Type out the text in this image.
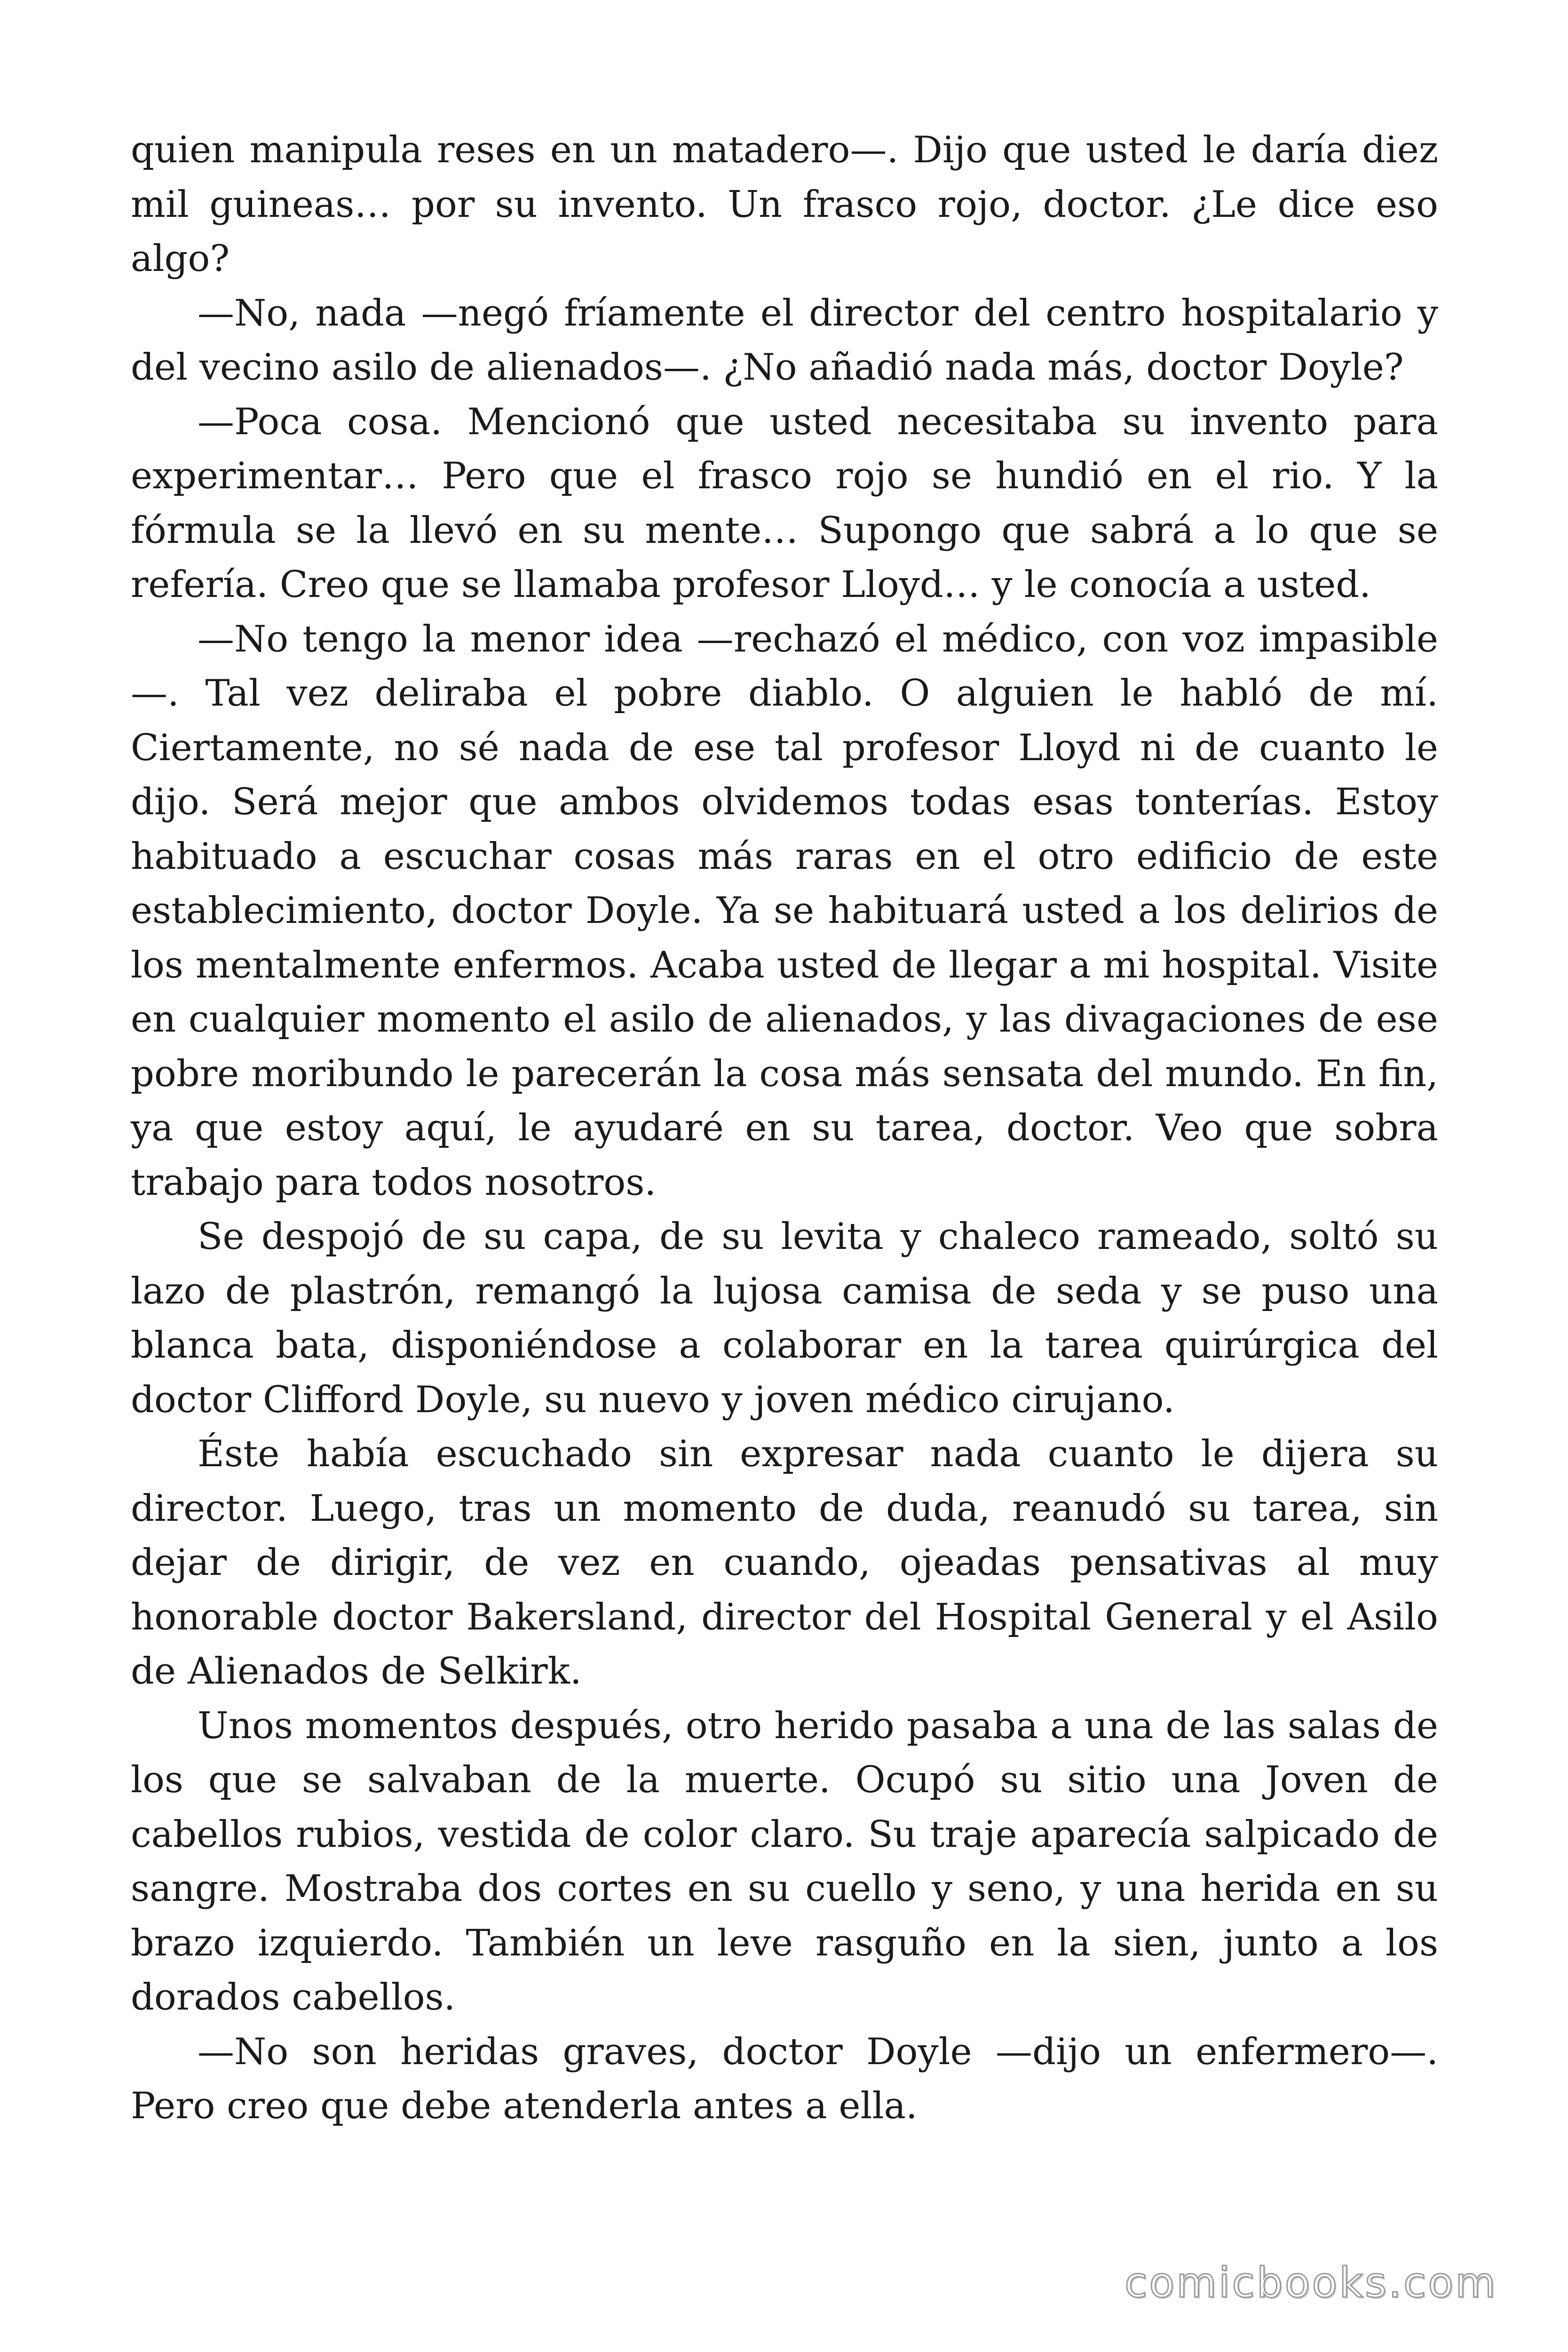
quien manipula reses en un matadero—. Dijo que usted le daría diez mil guineas… por su invento. Un frasco rojo, doctor. ¿Le dice eso algo?

—No, nada —negó fríamente el director del centro hospitalario y del vecino asilo de alienados—. ¿No añadió nada más, doctor Doyle?

—Poca cosa. Mencionó que usted necesitaba su invento para experimentar… Pero que el frasco rojo se hundió en el rio. Y la fórmula se la llevó en su mente… Supongo que sabrá a lo que se refería. Creo que se llamaba profesor Lloyd… y le conocía a usted.

—No tengo la menor idea —rechazó el médico, con voz impasible—. Tal vez deliraba el pobre diablo. O alguien le habló de mí. Ciertamente, no sé nada de ese tal profesor Lloyd ni de cuanto le dijo. Será mejor que ambos olvidemos todas esas tonterías. Estoy habituado a escuchar cosas más raras en el otro edificio de este establecimiento, doctor Doyle. Ya se habituará usted a los delirios de los mentalmente enfermos. Acaba usted de llegar a mi hospital. Visite en cualquier momento el asilo de alienados, y las divagaciones de ese pobre moribundo le parecerán la cosa más sensata del mundo. En fin, ya que estoy aquí, le ayudaré en su tarea, doctor. Veo que sobra trabajo para todos nosotros.

Se despojó de su capa, de su levita y chaleco rameado, soltó su lazo de plastrón, remangó la lujosa camisa de seda y se puso una blanca bata, disponiéndose a colaborar en la tarea quirúrgica del doctor Clifford Doyle, su nuevo y joven médico cirujano.

Éste había escuchado sin expresar nada cuanto le dijera su director. Luego, tras un momento de duda, reanudó su tarea, sin dejar de dirigir, de vez en cuando, ojeadas pensativas al muy honorable doctor Bakersland, director del Hospital General y el Asilo de Alienados de Selkirk.

Unos momentos después, otro herido pasaba a una de las salas de los que se salvaban de la muerte. Ocupó su sitio una Joven de cabellos rubios, vestida de color claro. Su traje aparecía salpicado de sangre. Mostraba dos cortes en su cuello y seno, y una herida en su brazo izquierdo. También un leve rasguño en la sien, junto a los dorados cabellos.

—No son heridas graves, doctor Doyle —dijo un enfermero—. Pero creo que debe atenderla antes a ella.

comicbooks.com
